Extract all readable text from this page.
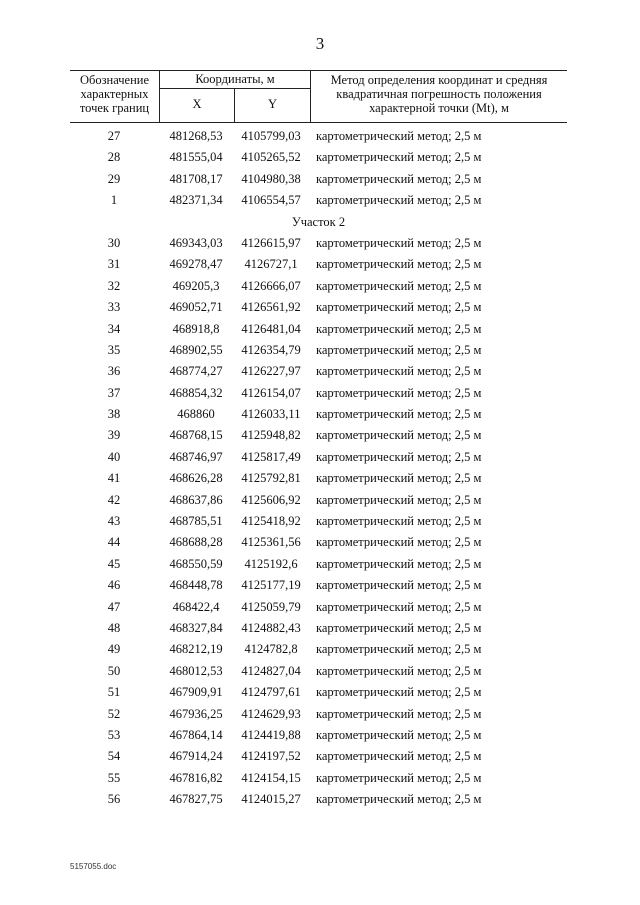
3
Обозначение
характерных
точек границ
Координаты, м
X	Y
Метод определения координат и средняя
квадратичная погрешность положения
характерной точки (Mt), м
27	481268,53	4105799,03	картометрический метод; 2,5 м
28	481555,04	4105265,52	картометрический метод; 2,5 м
29	481708,17	4104980,38	картометрический метод; 2,5 м
1	482371,34	4106554,57	картометрический метод; 2,5 м
Участок 2
30	469343,03	4126615,97	картометрический метод; 2,5 м
31	469278,47	4126727,1	картометрический метод; 2,5 м
32	469205,3	4126666,07	картометрический метод; 2,5 м
33	469052,71	4126561,92	картометрический метод; 2,5 м
34	468918,8	4126481,04	картометрический метод; 2,5 м
35	468902,55	4126354,79	картометрический метод; 2,5 м
36	468774,27	4126227,97	картометрический метод; 2,5 м
37	468854,32	4126154,07	картометрический метод; 2,5 м
38	468860	4126033,11	картометрический метод; 2,5 м
39	468768,15	4125948,82	картометрический метод; 2,5 м
40	468746,97	4125817,49	картометрический метод; 2,5 м
41	468626,28	4125792,81	картометрический метод; 2,5 м
42	468637,86	4125606,92	картометрический метод; 2,5 м
43	468785,51	4125418,92	картометрический метод; 2,5 м
44	468688,28	4125361,56	картометрический метод; 2,5 м
45	468550,59	4125192,6	картометрический метод; 2,5 м
46	468448,78	4125177,19	картометрический метод; 2,5 м
47	468422,4	4125059,79	картометрический метод; 2,5 м
48	468327,84	4124882,43	картометрический метод; 2,5 м
49	468212,19	4124782,8	картометрический метод; 2,5 м
50	468012,53	4124827,04	картометрический метод; 2,5 м
51	467909,91	4124797,61	картометрический метод; 2,5 м
52	467936,25	4124629,93	картометрический метод; 2,5 м
53	467864,14	4124419,88	картометрический метод; 2,5 м
54	467914,24	4124197,52	картометрический метод; 2,5 м
55	467816,82	4124154,15	картометрический метод; 2,5 м
56	467827,75	4124015,27	картометрический метод; 2,5 м
5157055.doc
